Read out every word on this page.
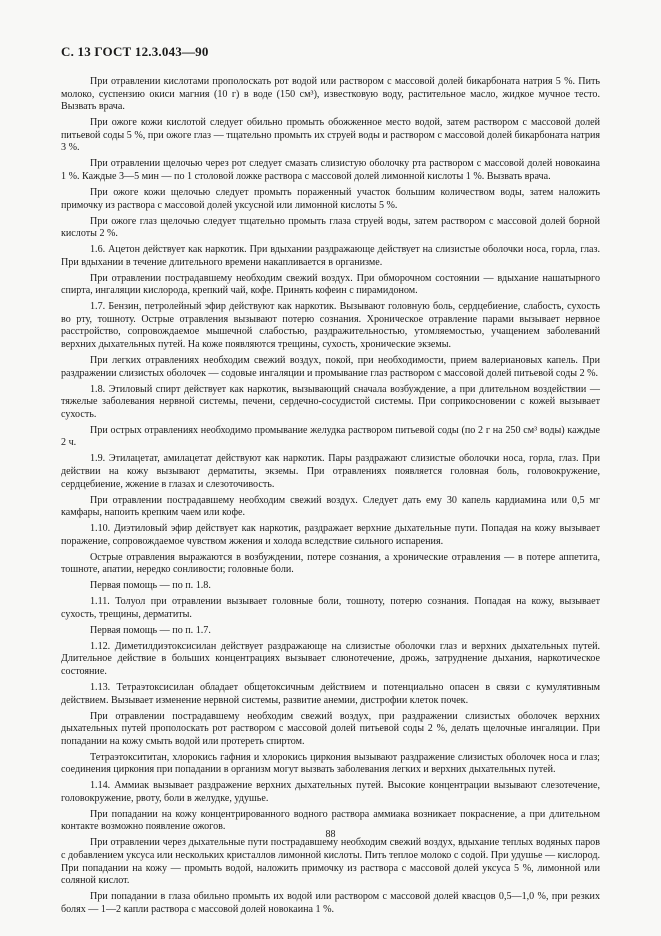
С. 13 ГОСТ 12.3.043—90

При отравлении кислотами прополоскать рот водой или раствором с массовой долей бикарбоната натрия 5 %. Пить молоко, суспензию окиси магния (10 г) в воде (150 см³), известковую воду, растительное масло, жидкое мучное тесто. Вызвать врача.

При ожоге кожи кислотой следует обильно промыть обожженное место водой, затем раствором с массовой долей питьевой соды 5 %, при ожоге глаз — тщательно промыть их струей воды и раствором с массовой долей бикарбоната натрия 3 %.

При отравлении щелочью через рот следует смазать слизистую оболочку рта раствором с массовой долей новокаина 1 %. Каждые 3—5 мин — по 1 столовой ложке раствора с массовой долей лимонной кислоты 1 %. Вызвать врача.

При ожоге кожи щелочью следует промыть пораженный участок большим количеством воды, затем наложить примочку из раствора с массовой долей уксусной или лимонной кислоты 5 %.

При ожоге глаз щелочью следует тщательно промыть глаза струей воды, затем раствором с массовой долей борной кислоты 2 %.

1.6. Ацетон действует как наркотик. При вдыхании раздражающе действует на слизистые оболочки носа, горла, глаз. При вдыхании в течение длительного времени накапливается в организме.

При отравлении пострадавшему необходим свежий воздух. При обморочном состоянии — вдыхание нашатырного спирта, ингаляции кислорода, крепкий чай, кофе. Принять кофеин с пирамидоном.

1.7. Бензин, петролейный эфир действуют как наркотик. Вызывают головную боль, сердцебиение, слабость, сухость во рту, тошноту. Острые отравления вызывают потерю сознания. Хроническое отравление парами вызывает нервное расстройство, сопровождаемое мышечной слабостью, раздражительностью, утомляемостью, учащением заболеваний верхних дыхательных путей. На коже появляются трещины, сухость, хронические экземы.

При легких отравлениях необходим свежий воздух, покой, при необходимости, прием валериановых капель. При раздражении слизистых оболочек — содовые ингаляции и промывание глаз раствором с массовой долей питьевой соды 2 %.

1.8. Этиловый спирт действует как наркотик, вызывающий сначала возбуждение, а при длительном воздействии — тяжелые заболевания нервной системы, печени, сердечно-сосудистой системы. При соприкосновении с кожей вызывает сухость.

При острых отравлениях необходимо промывание желудка раствором питьевой соды (по 2 г на 250 см³ воды) каждые 2 ч.

1.9. Этилацетат, амилацетат действуют как наркотик. Пары раздражают слизистые оболочки носа, горла, глаз. При действии на кожу вызывают дерматиты, экземы. При отравлениях появляется головная боль, головокружение, сердцебиение, жжение в глазах и слезоточивость.

При отравлении пострадавшему необходим свежий воздух. Следует дать ему 30 капель кардиамина или 0,5 мг камфары, напоить крепким чаем или кофе.

1.10. Диэтиловый эфир действует как наркотик, раздражает верхние дыхательные пути. Попадая на кожу вызывает поражение, сопровождаемое чувством жжения и холода вследствие сильного испарения.

Острые отравления выражаются в возбуждении, потере сознания, а хронические отравления — в потере аппетита, тошноте, апатии, нередко сонливости; головные боли.

Первая помощь — по п. 1.8.

1.11. Толуол при отравлении вызывает головные боли, тошноту, потерю сознания. Попадая на кожу, вызывает сухость, трещины, дерматиты.

Первая помощь — по п. 1.7.

1.12. Диметилдиэтоксисилан действует раздражающе на слизистые оболочки глаз и верхних дыхательных путей. Длительное действие в больших концентрациях вызывает слюнотечение, дрожь, затруднение дыхания, наркотическое состояние.

1.13. Тетраэтоксисилан обладает общетоксичным действием и потенциально опасен в связи с кумулятивным действием. Вызывает изменение нервной системы, развитие анемии, дистрофии клеток почек.

При отравлении пострадавшему необходим свежий воздух, при раздражении слизистых оболочек верхних дыхательных путей прополоскать рот раствором с массовой долей питьевой соды 2 %, делать щелочные ингаляции. При попадании на кожу смыть водой или протереть спиртом.

Тетраэтоксититан, хлорокись гафния и хлорокись циркония вызывают раздражение слизистых оболочек носа и глаз; соединения циркония при попадании в организм могут вызвать заболевания легких и верхних дыхательных путей.

1.14. Аммиак вызывает раздражение верхних дыхательных путей. Высокие концентрации вызывают слезотечение, головокружение, рвоту, боли в желудке, удушье.

При попадании на кожу концентрированного водного раствора аммиака возникает покраснение, а при длительном контакте возможно появление ожогов.

При отравлении через дыхательные пути пострадавшему необходим свежий воздух, вдыхание теплых водяных паров с добавлением уксуса или нескольких кристаллов лимонной кислоты. Пить теплое молоко с содой. При удушье — кислород. При попадании на кожу — промыть водой, наложить примочку из раствора с массовой долей уксуса 5 %, лимонной или соляной кислот.

При попадании в глаза обильно промыть их водой или раствором с массовой долей квасцов 0,5—1,0 %, при резких болях — 1—2 капли раствора с массовой долей новокаина 1 %.

88
